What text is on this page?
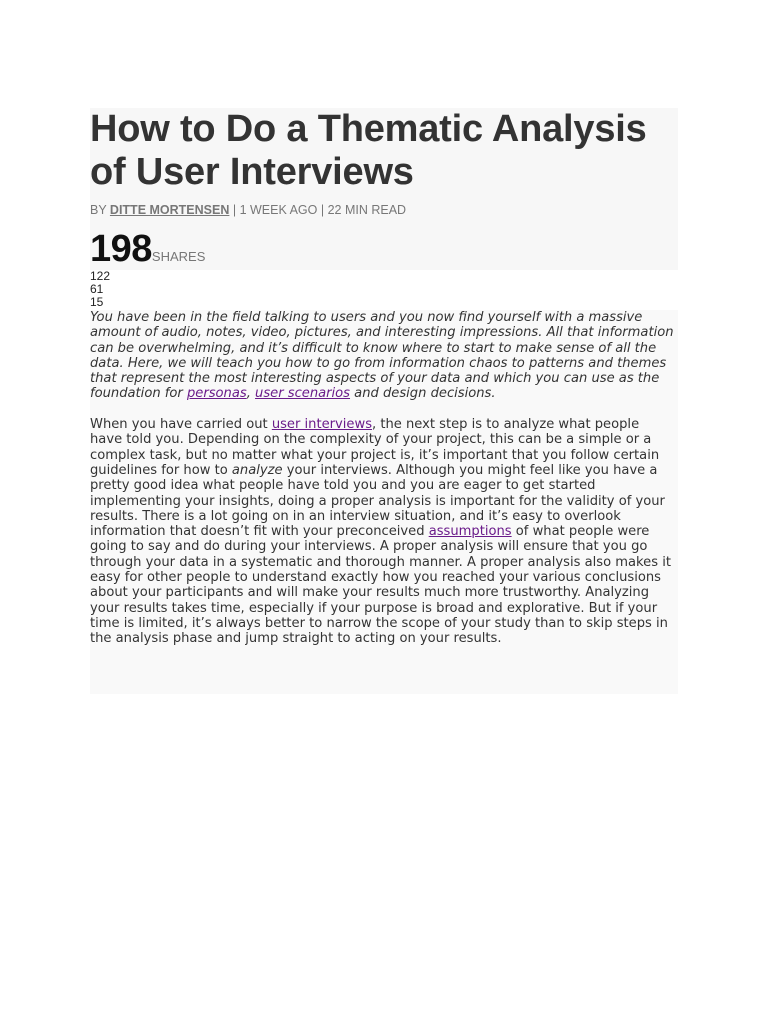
How to Do a Thematic Analysis of User Interviews
BY DITTE MORTENSEN | 1 WEEK AGO | 22 MIN READ
198SHARES
122
61
15

You have been in the field talking to users and you now find yourself with a massive amount of audio, notes, video, pictures, and interesting impressions. All that information can be overwhelming, and it’s difficult to know where to start to make sense of all the data. Here, we will teach you how to go from information chaos to patterns and themes that represent the most interesting aspects of your data and which you can use as the foundation for personas, user scenarios and design decisions.

When you have carried out user interviews, the next step is to analyze what people have told you. Depending on the complexity of your project, this can be a simple or a complex task, but no matter what your project is, it’s important that you follow certain guidelines for how to analyze your interviews. Although you might feel like you have a pretty good idea what people have told you and you are eager to get started implementing your insights, doing a proper analysis is important for the validity of your results. There is a lot going on in an interview situation, and it’s easy to overlook information that doesn’t fit with your preconceived assumptions of what people were going to say and do during your interviews. A proper analysis will ensure that you go through your data in a systematic and thorough manner. A proper analysis also makes it easy for other people to understand exactly how you reached your various conclusions about your participants and will make your results much more trustworthy. Analyzing your results takes time, especially if your purpose is broad and explorative. But if your time is limited, it’s always better to narrow the scope of your study than to skip steps in the analysis phase and jump straight to acting on your results.
